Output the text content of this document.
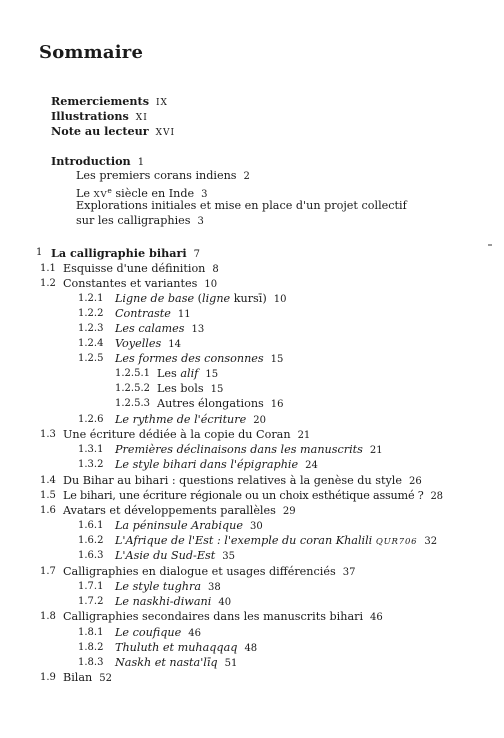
Sommaire
Remerciements IX
Illustrations XI
Note au lecteur XVI
Introduction 1
Les premiers corans indiens 2
Le XVe siècle en Inde 3
Explorations initiales et mise en place d'un projet collectif
sur les calligraphies 3
1 La calligraphie bihari 7
1.1 Esquisse d'une définition 8
1.2 Constantes et variantes 10
1.2.1 Ligne de base (ligne kursī) 10
1.2.2 Contraste 11
1.2.3 Les calames 13
1.2.4 Voyelles 14
1.2.5 Les formes des consonnes 15
1.2.5.1 Les alif 15
1.2.5.2 Les bols 15
1.2.5.3 Autres élongations 16
1.2.6 Le rythme de l'écriture 20
1.3 Une écriture dédiée à la copie du Coran 21
1.3.1 Premières déclinaisons dans les manuscrits 21
1.3.2 Le style bihari dans l'épigraphie 24
1.4 Du Bihar au bihari : questions relatives à la genèse du style 26
1.5 Le bihari, une écriture régionale ou un choix esthétique assumé ? 28
1.6 Avatars et développements parallèles 29
1.6.1 La péninsule Arabique 30
1.6.2 L'Afrique de l'Est : l'exemple du coran Khalili QUR706 32
1.6.3 L'Asie du Sud-Est 35
1.7 Calligraphies en dialogue et usages différenciés 37
1.7.1 Le style tughra 38
1.7.2 Le naskhi-diwani 40
1.8 Calligraphies secondaires dans les manuscrits bihari 46
1.8.1 Le coufique 46
1.8.2 Thuluth et muhaqqaq 48
1.8.3 Naskh et nasta'līq 51
1.9 Bilan 52
